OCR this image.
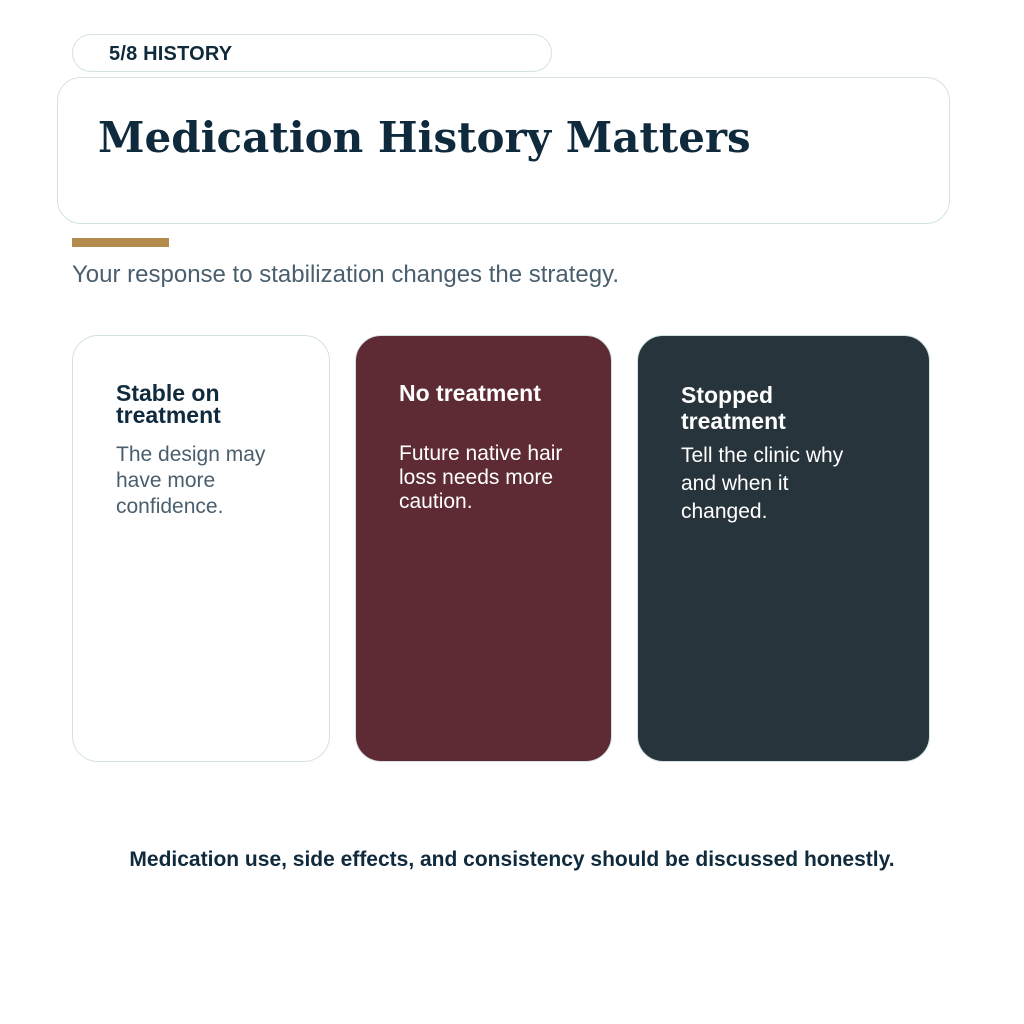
5/8 HISTORY
Medication History Matters

Your response to stabilization changes the strategy.

Stable on treatment

The design may have more confidence.

No treatment

Future native hair loss needs more caution.

Stopped treatment

Tell the clinic why and when it changed.

Medication use, side effects, and consistency should be discussed honestly.
